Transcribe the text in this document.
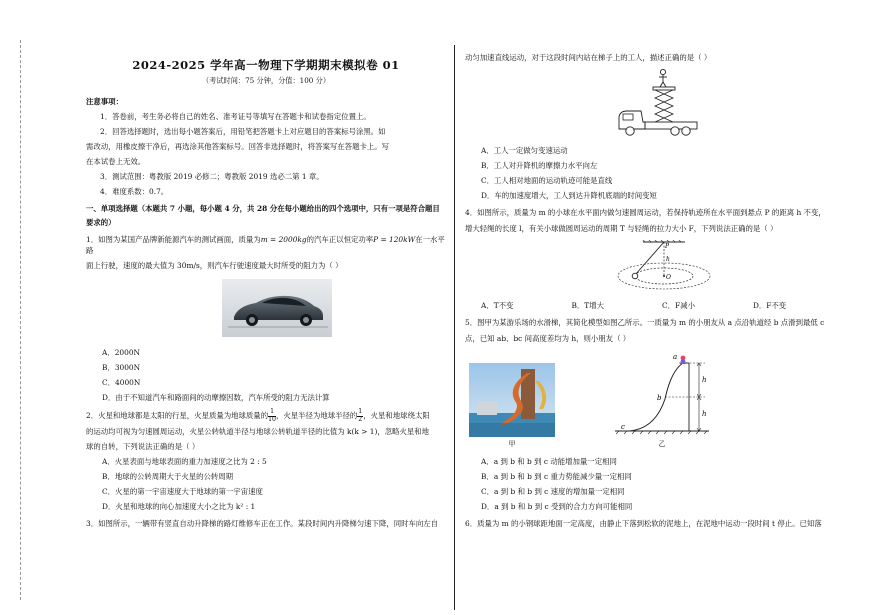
2024-2025 学年高一物理下学期期末模拟卷 01
（考试时间：75 分钟，分值：100 分）

注意事项：

1．答卷前，考生务必将自己的姓名、准考证号等填写在答题卡和试卷指定位置上。

2．回答选择题时，选出每小题答案后，用铅笔把答题卡上对应题目的答案标号涂黑。如

需改动，用橡皮擦干净后，再选涂其他答案标号。回答非选择题时，将答案写在答题卡上。写

在本试卷上无效。

3．测试范围：粤教版 2019 必修二；粤教版 2019 选必二第 1 章。

4．难度系数：0.7。

一、单项选择题（本题共 7 小题，每小题 4 分，共 28 分在每小题给出的四个选项中，只有一项是符合题目

要求的）

1．如图为某国产品牌新能源汽车的测试画面，质量为m = 2000kg的汽车正以恒定功率P = 120kW在一水平路

面上行驶，速度的最大值为 30m/s，则汽车行驶速度最大时所受的阻力为（ ）

A．2000N

B．3000N

C．4000N

D．由于不知道汽车和路面间的动摩擦因数，汽车所受的阻力无法计算

2．火星和地球都是太阳的行星，火星质量为地球质量的 $\frac{1}{10}$ ，火星半径为地球半径的 $\frac{1}{2}$ ，火星和地球绕太阳

的运动均可视为匀速圆周运动，火星公转轨道半径与地球公转轨道半径的比值为 k(k > 1)，忽略火星和地

球的自转，下列说法正确的是（ ）

A．火星表面与地球表面的重力加速度之比为 2 : 5

B．地球的公转周期大于火星的公转周期

C．火星的第一宇宙速度大于地球的第一宇宙速度

D．火星和地球的向心加速度大小之比为 k² : 1

3．如图所示，一辆带有竖直自动升降梯的路灯维修车正在工作。某段时间内升降梯匀速下降，同时车向左自

动匀加速直线运动，对于这段时间内站在梯子上的工人，描述正确的是（ ）

A．工人一定做匀变速运动

B．工人对升降机的摩擦力水平向左

C．工人相对地面的运动轨迹可能是直线

D．车的加速度增大，工人到达升降机底端的时间变短

4．如图所示，质量为 m 的小球在水平面内做匀速圆周运动，若保持轨迹所在水平面到悬点 P 的距离 h 不变，

增大轻绳的长度 l，有关小球做圆周运动的周期 T 与轻绳的拉力大小 F，下列说法正确的是（ ）

P
h
O
A．T不变	B．T增大	C．F减小	D．F不变

5．图甲为某游乐场的水滑梯，其简化模型如图乙所示。一质量为 m 的小朋友从 a 点沿轨道经 b 点滑到最低 c

点，已知 ab、bc 间高度差均为 h，则小朋友（ ）

甲
a
b
c
h
h
乙

A．a 到 b 和 b 到 c 动能增加量一定相同

B．a 到 b 和 b 到 c 重力势能减少量一定相同

C．a 到 b 和 b 到 c 速度的增加量一定相同

D．a 到 b 和 b 到 c 受到的合力方向可能相同

6．质量为 m 的小钢球距地面一定高度，由静止下落到松软的泥地上，在泥地中运动一段时间 t 停止。已知落
